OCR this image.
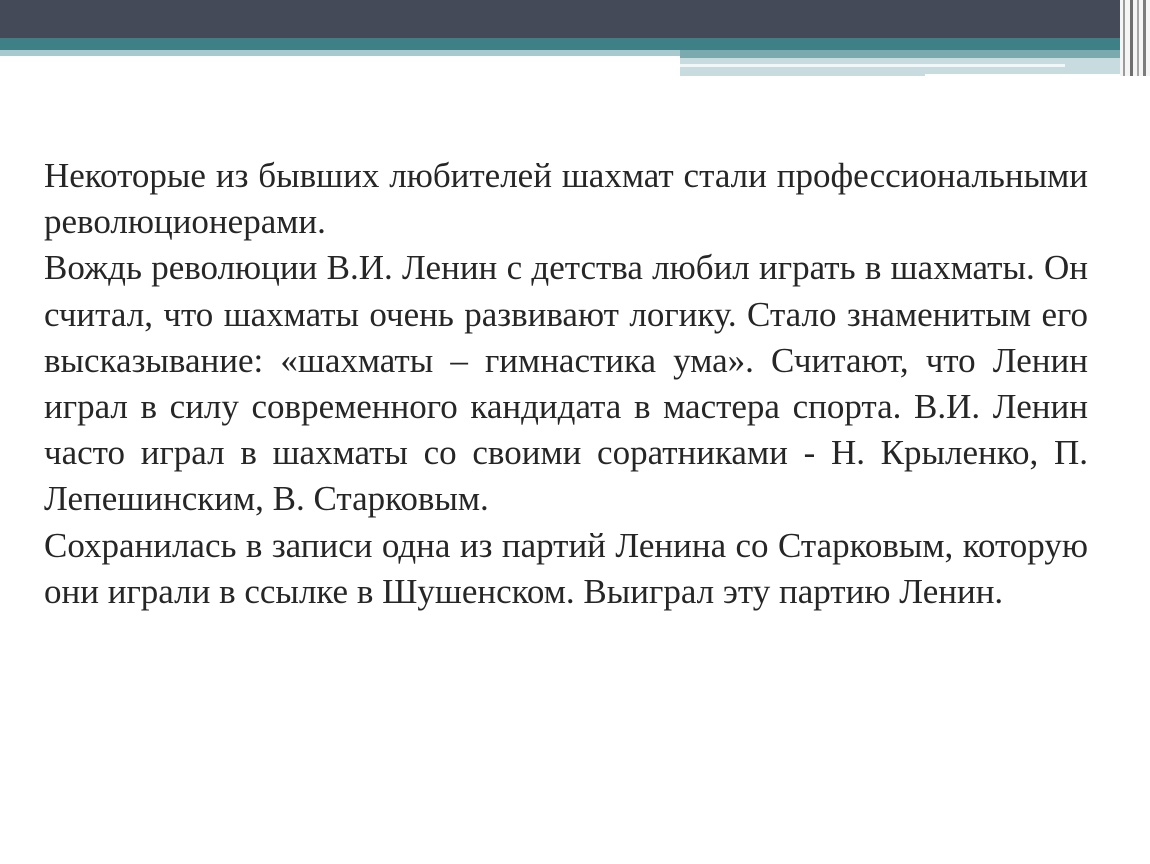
Некоторые из бывших любителей шахмат стали профессиональными революционерами.

Вождь революции В.И. Ленин с детства любил играть в шахматы. Он считал, что шахматы очень развивают логику. Стало знаменитым его высказывание: «шахматы – гимнастика ума». Считают, что Ленин играл в силу современного кандидата в мастера спорта. В.И. Ленин часто играл в шахматы со своими соратниками - Н. Крыленко, П. Лепешинским, В. Старковым.

Сохранилась в записи одна из партий Ленина со Старковым, которую они играли в ссылке в Шушенском. Выиграл эту партию Ленин.
